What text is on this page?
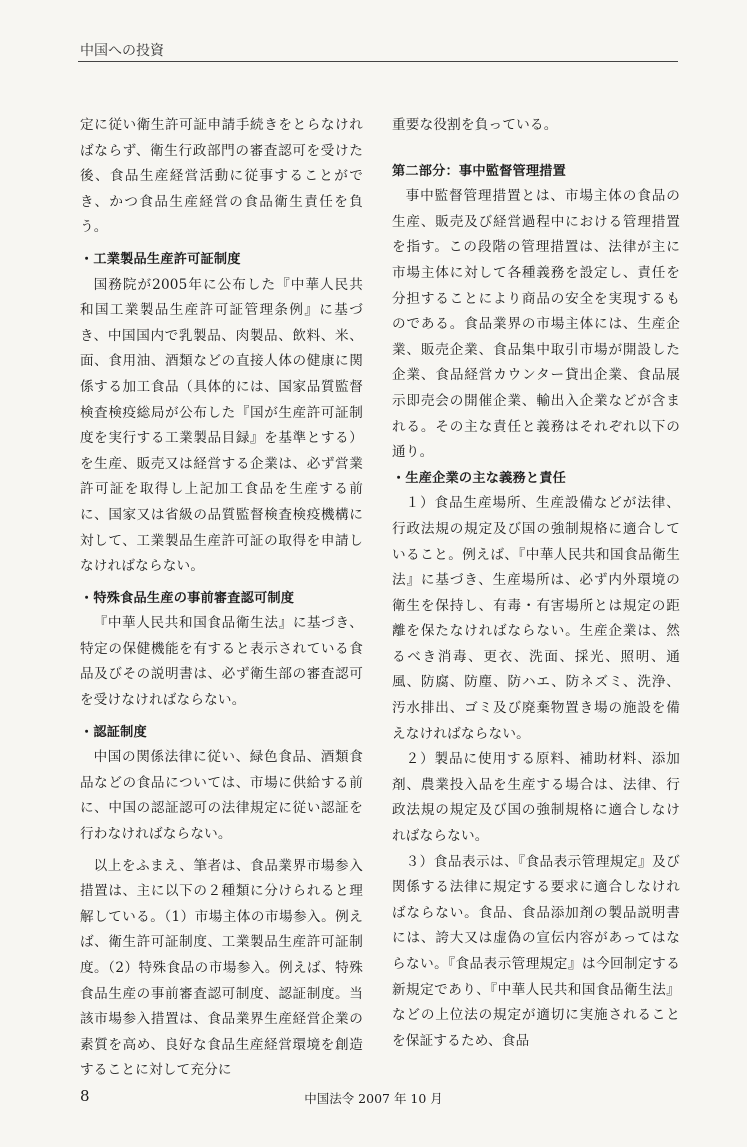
中国への投資

定に従い衛生許可証申請手続きをとらなければならず、衛生行政部門の審査認可を受けた後、食品生産経営活動に従事することができ、かつ食品生産経営の食品衛生責任を負う。

・工業製品生産許可証制度

国務院が2005年に公布した『中華人民共和国工業製品生産許可証管理条例』に基づき、中国国内で乳製品、肉製品、飲料、米、面、食用油、酒類などの直接人体の健康に関係する加工食品（具体的には、国家品質監督検査検疫総局が公布した『国が生産許可証制度を実行する工業製品目録』を基準とする）を生産、販売又は経営する企業は、必ず営業許可証を取得し上記加工食品を生産する前に、国家又は省級の品質監督検査検疫機構に対して、工業製品生産許可証の取得を申請しなければならない。

・特殊食品生産の事前審査認可制度

『中華人民共和国食品衛生法』に基づき、特定の保健機能を有すると表示されている食品及びその説明書は、必ず衛生部の審査認可を受けなければならない。

・認証制度

中国の関係法律に従い、緑色食品、酒類食品などの食品については、市場に供給する前に、中国の認証認可の法律規定に従い認証を行わなければならない。

以上をふまえ、筆者は、食品業界市場参入措置は、主に以下の２種類に分けられると理解している。（1）市場主体の市場参入。例えば、衛生許可証制度、工業製品生産許可証制度。（2）特殊食品の市場参入。例えば、特殊食品生産の事前審査認可制度、認証制度。当該市場参入措置は、食品業界生産経営企業の素質を高め、良好な食品生産経営環境を創造することに対して充分に

重要な役割を負っている。

第二部分：事中監督管理措置

事中監督管理措置とは、市場主体の食品の生産、販売及び経営過程中における管理措置を指す。この段階の管理措置は、法律が主に市場主体に対して各種義務を設定し、責任を分担することにより商品の安全を実現するものである。食品業界の市場主体には、生産企業、販売企業、食品集中取引市場が開設した企業、食品経営カウンター貸出企業、食品展示即売会の開催企業、輸出入企業などが含まれる。その主な責任と義務はそれぞれ以下の通り。

・生産企業の主な義務と責任

１）食品生産場所、生産設備などが法律、行政法規の規定及び国の強制規格に適合していること。例えば、『中華人民共和国食品衛生法』に基づき、生産場所は、必ず内外環境の衛生を保持し、有毒・有害場所とは規定の距離を保たなければならない。生産企業は、然るべき消毒、更衣、洗面、採光、照明、通風、防腐、防塵、防ハエ、防ネズミ、洗浄、汚水排出、ゴミ及び廃棄物置き場の施設を備えなければならない。

２）製品に使用する原料、補助材料、添加剤、農業投入品を生産する場合は、法律、行政法規の規定及び国の強制規格に適合しなければならない。

３）食品表示は、『食品表示管理規定』及び関係する法律に規定する要求に適合しなければならない。食品、食品添加剤の製品説明書には、誇大又は虚偽の宣伝内容があってはならない。『食品表示管理規定』は今回制定する新規定であり、『中華人民共和国食品衛生法』などの上位法の規定が適切に実施されることを保証するため、食品

8	中国法令 2007 年 10 月
